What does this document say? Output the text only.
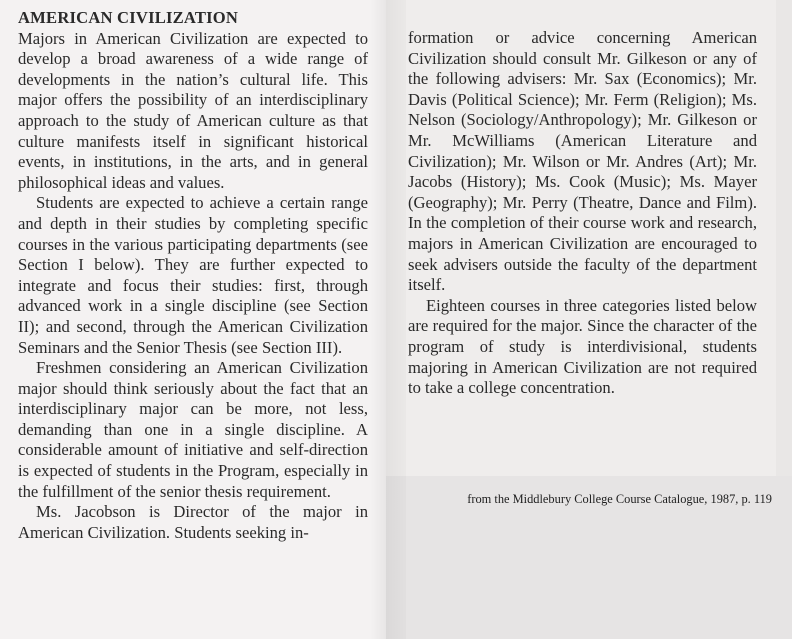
AMERICAN CIVILIZATION

Majors in American Civilization are expected to develop a broad awareness of a wide range of developments in the nation’s cultural life. This major offers the possibility of an interdisciplinary approach to the study of American culture as that culture manifests itself in significant historical events, in institutions, in the arts, and in general philosophical ideas and values.

Students are expected to achieve a certain range and depth in their studies by completing specific courses in the various participating departments (see Section I below). They are further expected to integrate and focus their studies: first, through advanced work in a single discipline (see Section II); and second, through the American Civilization Seminars and the Senior Thesis (see Section III).

Freshmen considering an American Civilization major should think seriously about the fact that an interdisciplinary major can be more, not less, demanding than one in a single discipline. A considerable amount of initiative and self-direction is expected of students in the Program, especially in the fulfillment of the senior thesis requirement.

Ms. Jacobson is Director of the major in American Civilization. Students seeking in-

formation or advice concerning American Civilization should consult Mr. Gilkeson or any of the following advisers: Mr. Sax (Economics); Mr. Davis (Political Science); Mr. Ferm (Religion); Ms. Nelson (Sociology/Anthropology); Mr. Gilkeson or Mr. McWilliams (American Literature and Civilization); Mr. Wilson or Mr. Andres (Art); Mr. Jacobs (History); Ms. Cook (Music); Ms. Mayer (Geography); Mr. Perry (Theatre, Dance and Film). In the completion of their course work and research, majors in American Civilization are encouraged to seek advisers outside the faculty of the department itself.

Eighteen courses in three categories listed below are required for the major. Since the character of the program of study is interdivisional, students majoring in American Civilization are not required to take a college concentration.

from the Middlebury College Course Catalogue, 1987, p. 119
